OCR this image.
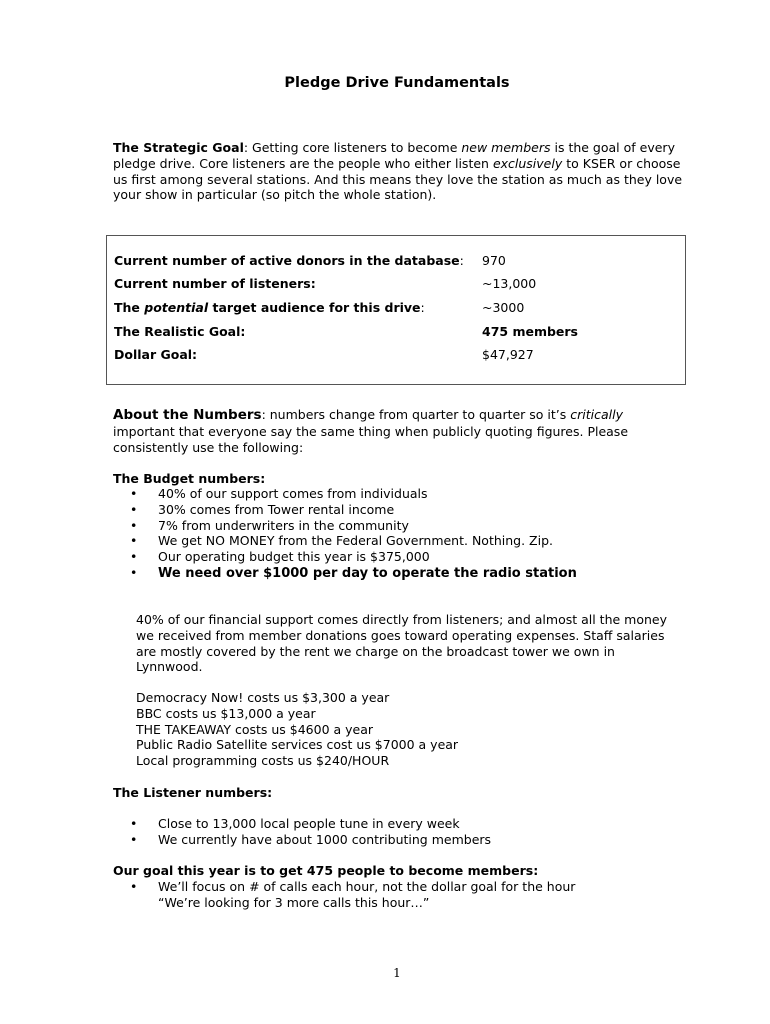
Pledge Drive Fundamentals

The Strategic Goal: Getting core listeners to become new members is the goal of every pledge drive. Core listeners are the people who either listen exclusively to KSER or choose us first among several stations. And this means they love the station as much as they love your show in particular (so pitch the whole station).

Current number of active donors in the database: 970
Current number of listeners:	~13,000
The potential target audience for this drive:	~3000
The Realistic Goal:	475 members
Dollar Goal:	$47,927

About the Numbers: numbers change from quarter to quarter so it’s critically important that everyone say the same thing when publicly quoting figures. Please consistently use the following:

The Budget numbers:
• 40% of our support comes from individuals
• 30% comes from Tower rental income
• 7% from underwriters in the community
• We get NO MONEY from the Federal Government. Nothing. Zip.
• Our operating budget this year is $375,000
• We need over $1000 per day to operate the radio station

40% of our financial support comes directly from listeners; and almost all the money we received from member donations goes toward operating expenses. Staff salaries are mostly covered by the rent we charge on the broadcast tower we own in Lynnwood.

Democracy Now! costs us $3,300 a year
BBC costs us $13,000 a year
THE TAKEAWAY costs us $4600 a year
Public Radio Satellite services cost us $7000 a year
Local programming costs us $240/HOUR
The Listener numbers:
• Close to 13,000 local people tune in every week
• We currently have about 1000 contributing members
Our goal this year is to get 475 people to become members:
• We’ll focus on # of calls each hour, not the dollar goal for the hour
“We’re looking for 3 more calls this hour…”
1
